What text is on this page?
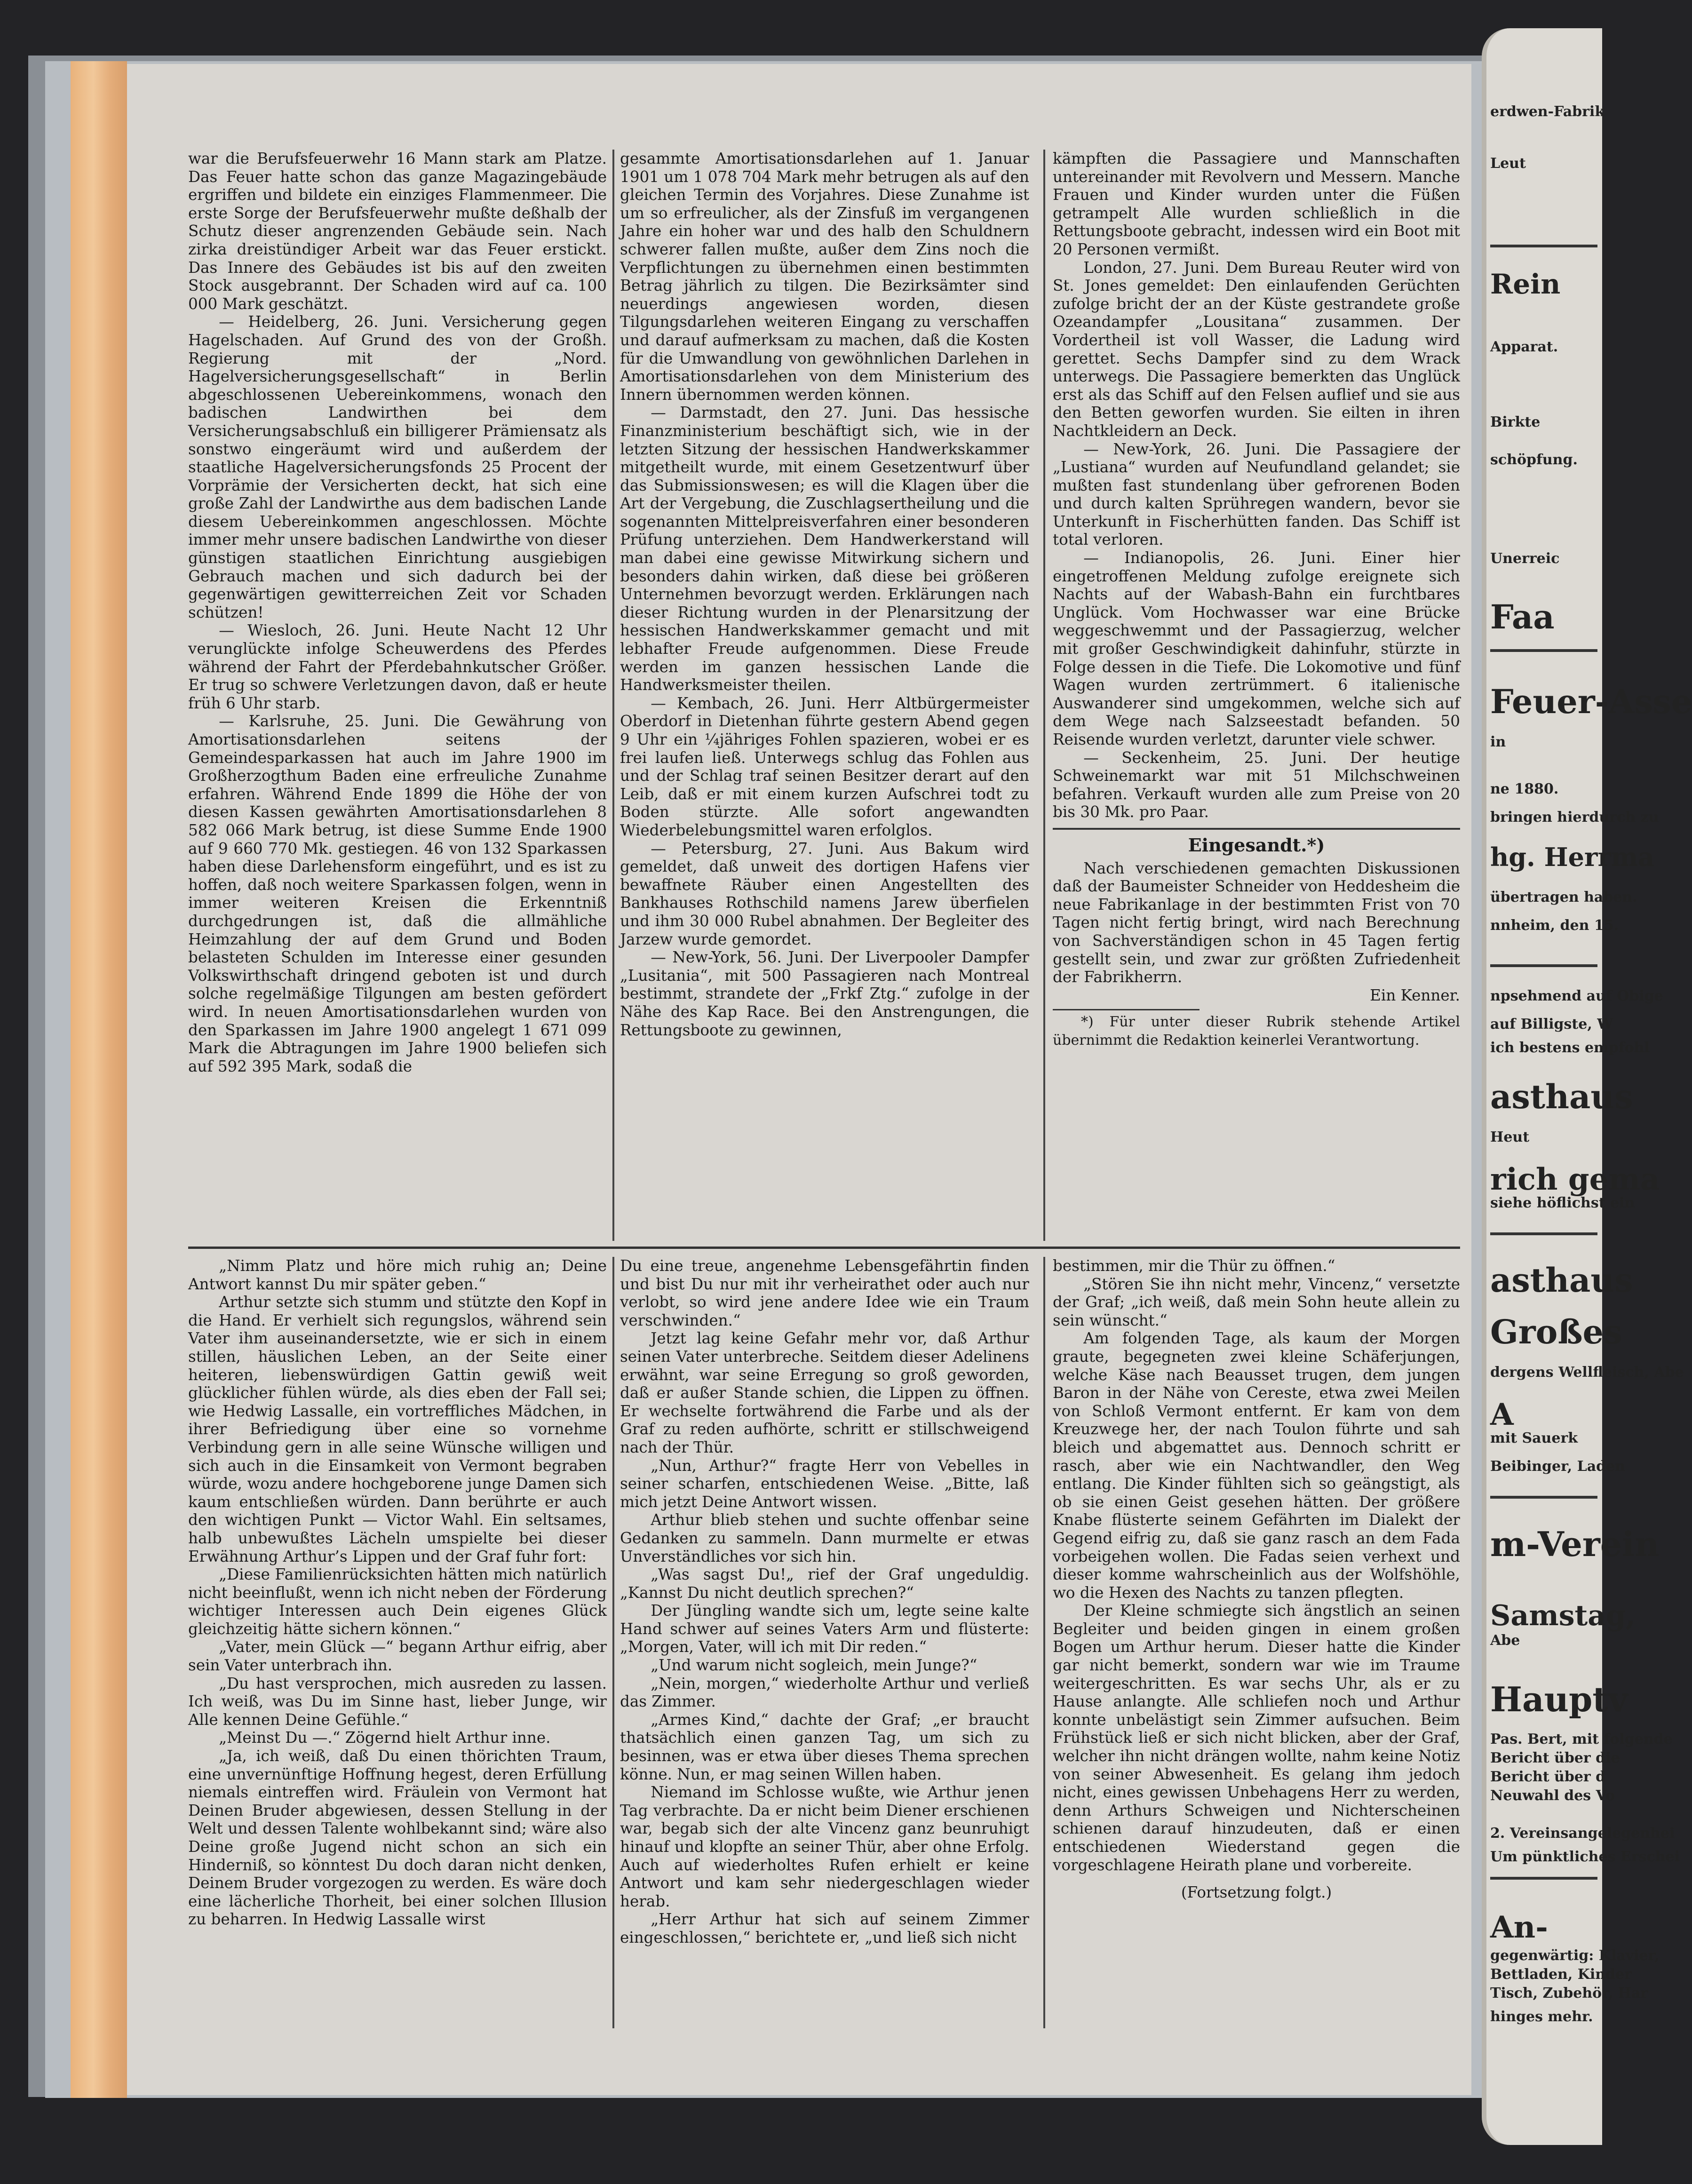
erdwen-Fabrik
Leut
Rein
Apparat.
Birkte
schöpfung.
Unerreic
Faa
Feuer-Asse
in
ne 1880.
bringen hierdurch zu
hg. Herrma
übertragen haben.
nnheim, den 15.
npsehmend auf Obige
auf Billigste, W
ich bestens empfohl
asthaus
Heut
rich gema
siehe höflichst ein
asthaus
Großes
dergens Wellfleisch, Abe
A
mit Sauerk
Beibinger, Laden
m-Verein
Samstag,
Abe
Hauptv
Pas. Bert, mit folgende
Bericht über die
Bericht über d
Neuwahl des Vo
2. Vereinsangelegenhei
Um pünktliches Erschei
An-
gegenwärtig: Klavier,
Bettladen, Kinder
Tisch, Zubehör, Har
hinges mehr.

war die Berufsfeuerwehr 16 Mann stark am Platze. Das Feuer hatte schon das ganze Magazingebäude ergriffen und bildete ein einziges Flammenmeer. Die erste Sorge der Berufsfeuerwehr mußte deßhalb der Schutz dieser angrenzenden Gebäude sein. Nach zirka dreistündiger Arbeit war das Feuer erstickt. Das Innere des Gebäudes ist bis auf den zweiten Stock ausgebrannt. Der Schaden wird auf ca. 100 000 Mark geschätzt.

— Heidelberg, 26. Juni. Versicherung gegen Hagelschaden. Auf Grund des von der Großh. Regierung mit der „Nord. Hagelversicherungsgesellschaft“ in Berlin abgeschlossenen Uebereinkommens, wonach den badischen Landwirthen bei dem Versicherungsabschluß ein billigerer Prämiensatz als sonstwo eingeräumt wird und außerdem der staatliche Hagelversicherungsfonds 25 Procent der Vorprämie der Versicherten deckt, hat sich eine große Zahl der Landwirthe aus dem badischen Lande diesem Uebereinkommen angeschlossen. Möchte immer mehr unsere badischen Landwirthe von dieser günstigen staatlichen Einrichtung ausgiebigen Gebrauch machen und sich dadurch bei der gegenwärtigen gewitterreichen Zeit vor Schaden schützen!

— Wiesloch, 26. Juni. Heute Nacht 12 Uhr verunglückte infolge Scheuwerdens des Pferdes während der Fahrt der Pferdebahnkutscher Größer. Er trug so schwere Verletzungen davon, daß er heute früh 6 Uhr starb.

— Karlsruhe, 25. Juni. Die Gewährung von Amortisationsdarlehen seitens der Gemeindesparkassen hat auch im Jahre 1900 im Großherzogthum Baden eine erfreuliche Zunahme erfahren. Während Ende 1899 die Höhe der von diesen Kassen gewährten Amortisationsdarlehen 8 582 066 Mark betrug, ist diese Summe Ende 1900 auf 9 660 770 Mk. gestiegen. 46 von 132 Sparkassen haben diese Darlehensform eingeführt, und es ist zu hoffen, daß noch weitere Sparkassen folgen, wenn in immer weiteren Kreisen die Erkenntniß durchgedrungen ist, daß die allmähliche Heimzahlung der auf dem Grund und Boden belasteten Schulden im Interesse einer gesunden Volkswirthschaft dringend geboten ist und durch solche regelmäßige Tilgungen am besten gefördert wird. In neuen Amortisationsdarlehen wurden von den Sparkassen im Jahre 1900 angelegt 1 671 099 Mark die Abtragungen im Jahre 1900 beliefen sich auf 592 395 Mark, sodaß die

gesammte Amortisationsdarlehen auf 1. Januar 1901 um 1 078 704 Mark mehr betrugen als auf den gleichen Termin des Vorjahres. Diese Zunahme ist um so erfreulicher, als der Zinsfuß im vergangenen Jahre ein hoher war und des halb den Schuldnern schwerer fallen mußte, außer dem Zins noch die Verpflichtungen zu übernehmen einen bestimmten Betrag jährlich zu tilgen. Die Bezirksämter sind neuerdings angewiesen worden, diesen Tilgungsdarlehen weiteren Eingang zu verschaffen und darauf aufmerksam zu machen, daß die Kosten für die Umwandlung von gewöhnlichen Darlehen in Amortisationsdarlehen von dem Ministerium des Innern übernommen werden können.

— Darmstadt, den 27. Juni. Das hessische Finanzministerium beschäftigt sich, wie in der letzten Sitzung der hessischen Handwerkskammer mitgetheilt wurde, mit einem Gesetzentwurf über das Submissionswesen; es will die Klagen über die Art der Vergebung, die Zuschlagsertheilung und die sogenannten Mittelpreisverfahren einer besonderen Prüfung unterziehen. Dem Handwerkerstand will man dabei eine gewisse Mitwirkung sichern und besonders dahin wirken, daß diese bei größeren Unternehmen bevorzugt werden. Erklärungen nach dieser Richtung wurden in der Plenarsitzung der hessischen Handwerkskammer gemacht und mit lebhafter Freude aufgenommen. Diese Freude werden im ganzen hessischen Lande die Handwerksmeister theilen.

— Kembach, 26. Juni. Herr Altbürgermeister Oberdorf in Dietenhan führte gestern Abend gegen 9 Uhr ein ¼jähriges Fohlen spazieren, wobei er es frei laufen ließ. Unterwegs schlug das Fohlen aus und der Schlag traf seinen Besitzer derart auf den Leib, daß er mit einem kurzen Aufschrei todt zu Boden stürzte. Alle sofort angewandten Wiederbelebungsmittel waren erfolglos.

— Petersburg, 27. Juni. Aus Bakum wird gemeldet, daß unweit des dortigen Hafens vier bewaffnete Räuber einen Angestellten des Bankhauses Rothschild namens Jarew überfielen und ihm 30 000 Rubel abnahmen. Der Begleiter des Jarzew wurde gemordet.

— New-York, 56. Juni. Der Liverpooler Dampfer „Lusitania“, mit 500 Passagieren nach Montreal bestimmt, strandete der „Frkf Ztg.“ zufolge in der Nähe des Kap Race. Bei den Anstrengungen, die Rettungsboote zu gewinnen,

kämpften die Passagiere und Mannschaften untereinander mit Revolvern und Messern. Manche Frauen und Kinder wurden unter die Füßen getrampelt Alle wurden schließlich in die Rettungsboote gebracht, indessen wird ein Boot mit 20 Personen vermißt.

London, 27. Juni. Dem Bureau Reuter wird von St. Jones gemeldet: Den einlaufenden Gerüchten zufolge bricht der an der Küste gestrandete große Ozeandampfer „Lousitana“ zusammen. Der Vordertheil ist voll Wasser, die Ladung wird gerettet. Sechs Dampfer sind zu dem Wrack unterwegs. Die Passagiere bemerkten das Unglück erst als das Schiff auf den Felsen auflief und sie aus den Betten geworfen wurden. Sie eilten in ihren Nachtkleidern an Deck.

— New-York, 26. Juni. Die Passagiere der „Lustiana“ wurden auf Neufundland gelandet; sie mußten fast stundenlang über gefrorenen Boden und durch kalten Sprühregen wandern, bevor sie Unterkunft in Fischerhütten fanden. Das Schiff ist total verloren.

— Indianopolis, 26. Juni. Einer hier eingetroffenen Meldung zufolge ereignete sich Nachts auf der Wabash-Bahn ein furchtbares Unglück. Vom Hochwasser war eine Brücke weggeschwemmt und der Passagierzug, welcher mit großer Geschwindigkeit dahinfuhr, stürzte in Folge dessen in die Tiefe. Die Lokomotive und fünf Wagen wurden zertrümmert. 6 italienische Auswanderer sind umgekommen, welche sich auf dem Wege nach Salzseestadt befanden. 50 Reisende wurden verletzt, darunter viele schwer.

— Seckenheim, 25. Juni. Der heutige Schweinemarkt war mit 51 Milchschweinen befahren. Verkauft wurden alle zum Preise von 20 bis 30 Mk. pro Paar.

Eingesandt.*)

Nach verschiedenen gemachten Diskussionen daß der Baumeister Schneider von Heddesheim die neue Fabrikanlage in der bestimmten Frist von 70 Tagen nicht fertig bringt, wird nach Berechnung von Sachverständigen schon in 45 Tagen fertig gestellt sein, und zwar zur größten Zufriedenheit der Fabrikherrn.

Ein Kenner.

*) Für unter dieser Rubrik stehende Artikel übernimmt die Redaktion keinerlei Verantwortung.

„Nimm Platz und höre mich ruhig an; Deine Antwort kannst Du mir später geben.“

Arthur setzte sich stumm und stützte den Kopf in die Hand. Er verhielt sich regungslos, während sein Vater ihm auseinandersetzte, wie er sich in einem stillen, häuslichen Leben, an der Seite einer heiteren, liebenswürdigen Gattin gewiß weit glücklicher fühlen würde, als dies eben der Fall sei; wie Hedwig Lassalle, ein vortreffliches Mädchen, in ihrer Befriedigung über eine so vornehme Verbindung gern in alle seine Wünsche willigen und sich auch in die Einsamkeit von Vermont begraben würde, wozu andere hochgeborene junge Damen sich kaum entschließen würden. Dann berührte er auch den wichtigen Punkt — Victor Wahl. Ein seltsames, halb unbewußtes Lächeln umspielte bei dieser Erwähnung Arthur’s Lippen und der Graf fuhr fort:

„Diese Familienrücksichten hätten mich natürlich nicht beeinflußt, wenn ich nicht neben der Förderung wichtiger Interessen auch Dein eigenes Glück gleichzeitig hätte sichern können.“

„Vater, mein Glück —“ begann Arthur eifrig, aber sein Vater unterbrach ihn.

„Du hast versprochen, mich ausreden zu lassen. Ich weiß, was Du im Sinne hast, lieber Junge, wir Alle kennen Deine Gefühle.“

„Meinst Du —.“ Zögernd hielt Arthur inne.

„Ja, ich weiß, daß Du einen thörichten Traum, eine unvernünftige Hoffnung hegest, deren Erfüllung niemals eintreffen wird. Fräulein von Vermont hat Deinen Bruder abgewiesen, dessen Stellung in der Welt und dessen Talente wohlbekannt sind; wäre also Deine große Jugend nicht schon an sich ein Hinderniß, so könntest Du doch daran nicht denken, Deinem Bruder vorgezogen zu werden. Es wäre doch eine lächerliche Thorheit, bei einer solchen Illusion zu beharren. In Hedwig Lassalle wirst

Du eine treue, angenehme Lebensgefährtin finden und bist Du nur mit ihr verheirathet oder auch nur verlobt, so wird jene andere Idee wie ein Traum verschwinden.“

Jetzt lag keine Gefahr mehr vor, daß Arthur seinen Vater unterbreche. Seitdem dieser Adelinens erwähnt, war seine Erregung so groß geworden, daß er außer Stande schien, die Lippen zu öffnen. Er wechselte fortwährend die Farbe und als der Graf zu reden aufhörte, schritt er stillschweigend nach der Thür.

„Nun, Arthur?“ fragte Herr von Vebelles in seiner scharfen, entschiedenen Weise. „Bitte, laß mich jetzt Deine Antwort wissen.

Arthur blieb stehen und suchte offenbar seine Gedanken zu sammeln. Dann murmelte er etwas Unverständliches vor sich hin.

„Was sagst Du!„ rief der Graf ungeduldig. „Kannst Du nicht deutlich sprechen?“

Der Jüngling wandte sich um, legte seine kalte Hand schwer auf seines Vaters Arm und flüsterte: „Morgen, Vater, will ich mit Dir reden.“

„Und warum nicht sogleich, mein Junge?“

„Nein, morgen,“ wiederholte Arthur und verließ das Zimmer.

„Armes Kind,“ dachte der Graf; „er braucht thatsächlich einen ganzen Tag, um sich zu besinnen, was er etwa über dieses Thema sprechen könne. Nun, er mag seinen Willen haben.

Niemand im Schlosse wußte, wie Arthur jenen Tag verbrachte. Da er nicht beim Diener erschienen war, begab sich der alte Vincenz ganz beunruhigt hinauf und klopfte an seiner Thür, aber ohne Erfolg. Auch auf wiederholtes Rufen erhielt er keine Antwort und kam sehr niedergeschlagen wieder herab.

„Herr Arthur hat sich auf seinem Zimmer eingeschlossen,“ berichtete er, „und ließ sich nicht

bestimmen, mir die Thür zu öffnen.“

„Stören Sie ihn nicht mehr, Vincenz,“ versetzte der Graf; „ich weiß, daß mein Sohn heute allein zu sein wünscht.“

Am folgenden Tage, als kaum der Morgen graute, begegneten zwei kleine Schäferjungen, welche Käse nach Beausset trugen, dem jungen Baron in der Nähe von Cereste, etwa zwei Meilen von Schloß Vermont entfernt. Er kam von dem Kreuzwege her, der nach Toulon führte und sah bleich und abgemattet aus. Dennoch schritt er rasch, aber wie ein Nachtwandler, den Weg entlang. Die Kinder fühlten sich so geängstigt, als ob sie einen Geist gesehen hätten. Der größere Knabe flüsterte seinem Gefährten im Dialekt der Gegend eifrig zu, daß sie ganz rasch an dem Fada vorbeigehen wollen. Die Fadas seien verhext und dieser komme wahrscheinlich aus der Wolfshöhle, wo die Hexen des Nachts zu tanzen pflegten.

Der Kleine schmiegte sich ängstlich an seinen Begleiter und beiden gingen in einem großen Bogen um Arthur herum. Dieser hatte die Kinder gar nicht bemerkt, sondern war wie im Traume weitergeschritten. Es war sechs Uhr, als er zu Hause anlangte. Alle schliefen noch und Arthur konnte unbelästigt sein Zimmer aufsuchen. Beim Frühstück ließ er sich nicht blicken, aber der Graf, welcher ihn nicht drängen wollte, nahm keine Notiz von seiner Abwesenheit. Es gelang ihm jedoch nicht, eines gewissen Unbehagens Herr zu werden, denn Arthurs Schweigen und Nichterscheinen schienen darauf hinzudeuten, daß er einen entschiedenen Wiederstand gegen die vorgeschlagene Heirath plane und vorbereite.

(Fortsetzung folgt.)
